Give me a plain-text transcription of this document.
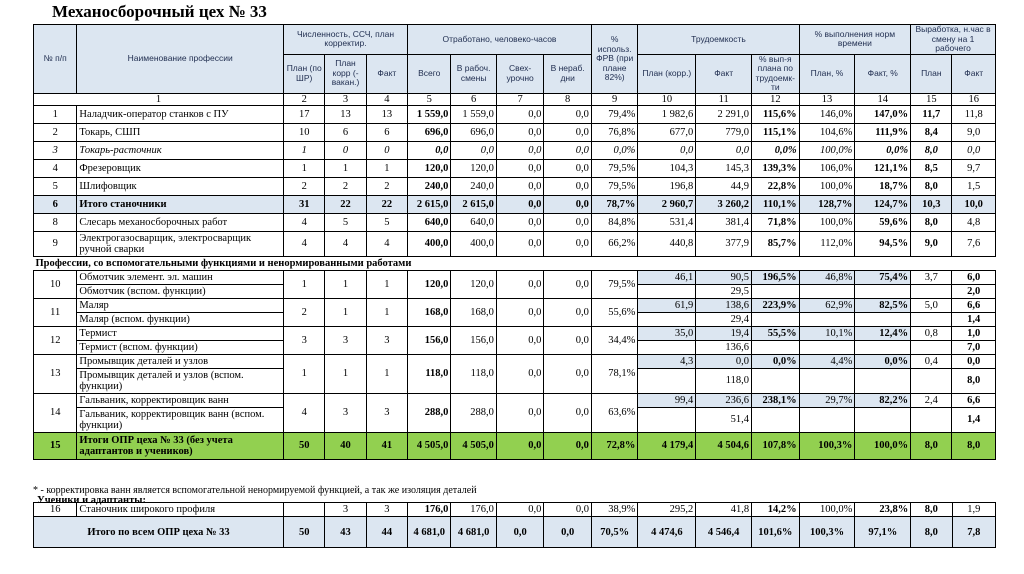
Механосборочный цех № 33
№ п/п	Наименование профессии	Численность, ССЧ, план корректир.			Отработано, человеко-часов				% использ. ФРВ (при плане 82%)	Трудоемкость			% выполнения норм времени		Выработка, н.час в смену на 1 рабочего	
		План (по ШР)	План корр (- вакан.)	Факт	Всего	В рабоч. смены	Свех-урочно	В нераб. дни		План (корр.)	Факт	% вып-я плана по трудоемк-ти	План, %	Факт, %	План	Факт
1		2	3	4	5	6	7	8	9	10	11	12	13	14	15	16
1	Наладчик-оператор станков с ПУ	17	13	13	1 559,0	1 559,0	0,0	0,0	79,4%	1 982,6	2 291,0	115,6%	146,0%	147,0%	11,7	11,8
2	Токарь, СШП	10	6	6	696,0	696,0	0,0	0,0	76,8%	677,0	779,0	115,1%	104,6%	111,9%	8,4	9,0
3	Токарь-расточник	1	0	0	0,0	0,0	0,0	0,0	0,0%	0,0	0,0	0,0%	100,0%	0,0%	8,0	0,0
4	Фрезеровщик	1	1	1	120,0	120,0	0,0	0,0	79,5%	104,3	145,3	139,3%	106,0%	121,1%	8,5	9,7
5	Шлифовщик	2	2	2	240,0	240,0	0,0	0,0	79,5%	196,8	44,9	22,8%	100,0%	18,7%	8,0	1,5
6	Итого станочники	31	22	22	2 615,0	2 615,0	0,0	0,0	78,7%	2 960,7	3 260,2	110,1%	128,7%	124,7%	10,3	10,0
8	Слесарь механосборочных работ	4	5	5	640,0	640,0	0,0	0,0	84,8%	531,4	381,4	71,8%	100,0%	59,6%	8,0	4,8
9	Электрогазосварщик, электросварщик ручной сварки	4	4	4	400,0	400,0	0,0	0,0	66,2%	440,8	377,9	85,7%	112,0%	94,5%	9,0	7,6
Профессии, со вспомогательными функциями и ненормированными работами																
10	Обмотчик элемент. эл. машин	1	1	1	120,0	120,0	0,0	0,0	79,5%	46,1	90,5	196,5%	46,8%	75,4%	3,7	6,0
	Обмотчик (вспом. функции)										29,5					2,0
11	Маляр	2	1	1	168,0	168,0	0,0	0,0	55,6%	61,9	138,6	223,9%	62,9%	82,5%	5,0	6,6
	Маляр (вспом. функции)										29,4					1,4
12	Термист	3	3	3	156,0	156,0	0,0	0,0	34,4%	35,0	19,4	55,5%	10,1%	12,4%	0,8	1,0
	Термист (вспом. функции)										136,6					7,0
13	Промывщик деталей и узлов	1	1	1	118,0	118,0	0,0	0,0	78,1%	4,3	0,0	0,0%	4,4%	0,0%	0,4	0,0
	Промывщик деталей и узлов (вспом. функции)										118,0					8,0
14	Гальваник, корректировщик ванн	4	3	3	288,0	288,0	0,0	0,0	63,6%	99,4	236,6	238,1%	29,7%	82,2%	2,4	6,6
	Гальваник, корректировщик ванн (вспом. функции)										51,4					1,4
15	Итоги ОПР цеха № 33 (без учета адаптантов и учеников)	50	40	41	4 505,0	4 505,0	0,0	0,0	72,8%	4 179,4	4 504,6	107,8%	100,3%	100,0%	8,0	8,0
* - корректировка ванн является вспомогательной ненормируемой функцией, а так же изоляция деталей
Ученики и адаптанты:
16	Станочник широкого профиля		3	3	176,0	176,0	0,0	0,0	38,9%	295,2	41,8	14,2%	100,0%	23,8%	8,0	1,9
Итого по всем ОПР цеха № 33		50	43	44	4 681,0	4 681,0	0,0	0,0	70,5%	4 474,6	4 546,4	101,6%	100,3%	97,1%	8,0	7,8
